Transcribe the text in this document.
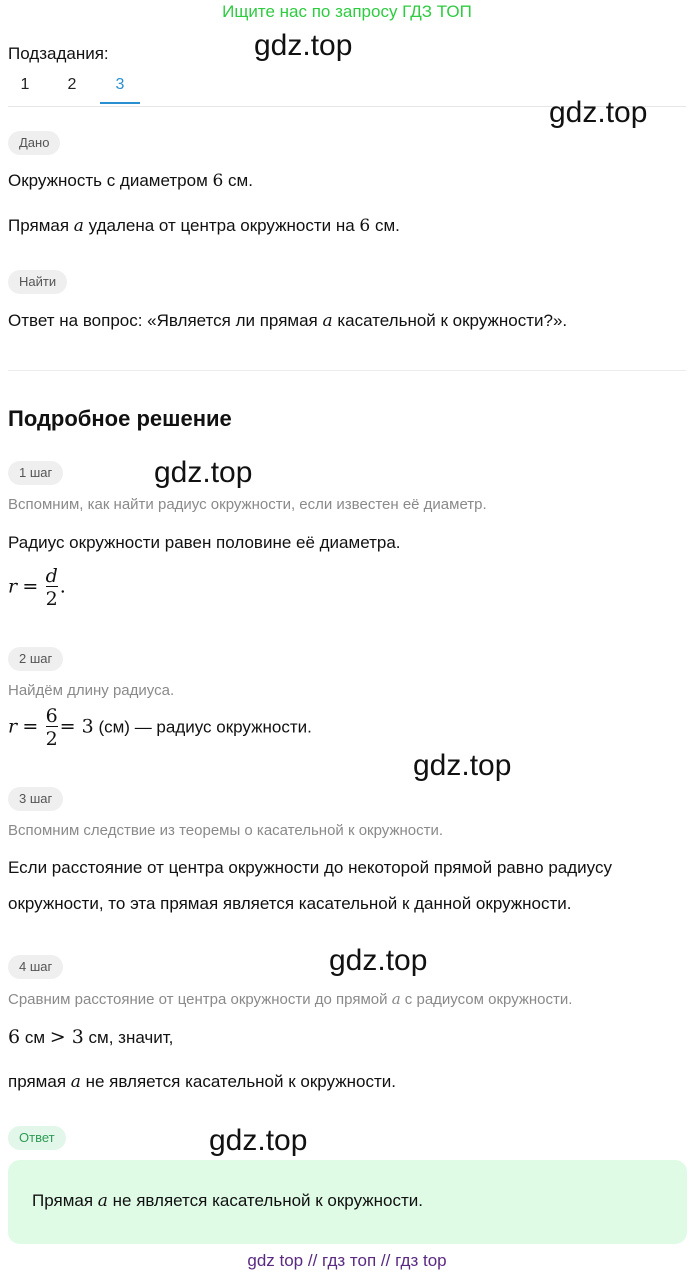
Ищите нас по запросу ГДЗ ТОП
Подзадания:
1	2	3
gdz.top
gdz.top
Дано
Окружность с диаметром 6 см.
Прямая a удалена от центра окружности на 6 см.
Найти
Ответ на вопрос: «Является ли прямая a касательной к окружности?».
Подробное решение
1 шаг	gdz.top
Вспомним, как найти радиус окружности, если известен её диаметр.
Радиус окружности равен половине её диаметра.
$r = \frac{d}{2}$ .
2 шаг
Найдём длину радиуса.
$r = \frac{6}{2} = 3$ (см) — радиус окружности.
gdz.top
3 шаг
Вспомним следствие из теоремы о касательной к окружности.
Если расстояние от центра окружности до некоторой прямой равно радиусу
окружности, то эта прямая является касательной к данной окружности.
4 шаг	gdz.top
Сравним расстояние от центра окружности до прямой a с радиусом окружности.
6 см > 3 см, значит,
прямая a не является касательной к окружности.
Ответ	gdz.top
Прямая a не является касательной к окружности.
gdz top // гдз топ // гдз top
